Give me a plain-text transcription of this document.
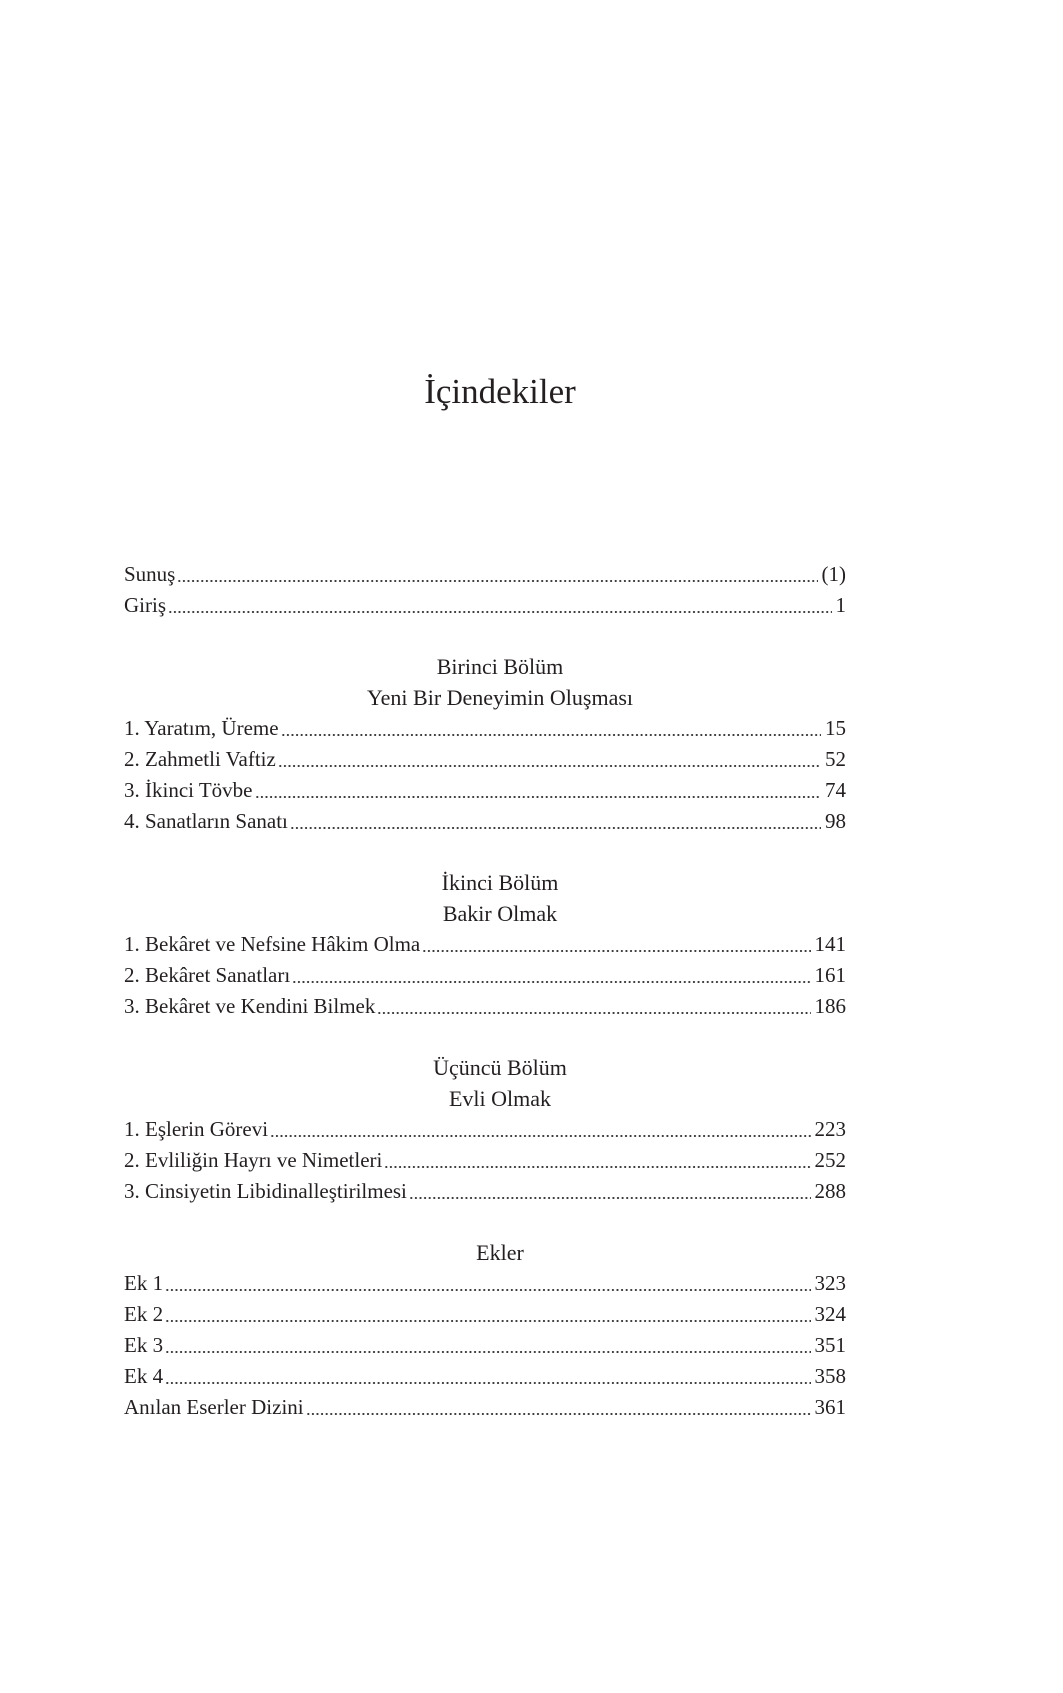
İçindekiler
Sunuş	(1)
Giriş	1
Birinci Bölüm
Yeni Bir Deneyimin Oluşması
1. Yaratım, Üreme	15
2. Zahmetli Vaftiz	52
3. İkinci Tövbe	74
4. Sanatların Sanatı	98
İkinci Bölüm
Bakir Olmak
1. Bekâret ve Nefsine Hâkim Olma	141
2. Bekâret Sanatları	161
3. Bekâret ve Kendini Bilmek	186
Üçüncü Bölüm
Evli Olmak
1. Eşlerin Görevi	223
2. Evliliğin Hayrı ve Nimetleri	252
3. Cinsiyetin Libidinalleştirilmesi	288
Ekler
Ek 1	323
Ek 2	324
Ek 3	351
Ek 4	358
Anılan Eserler Dizini	361
